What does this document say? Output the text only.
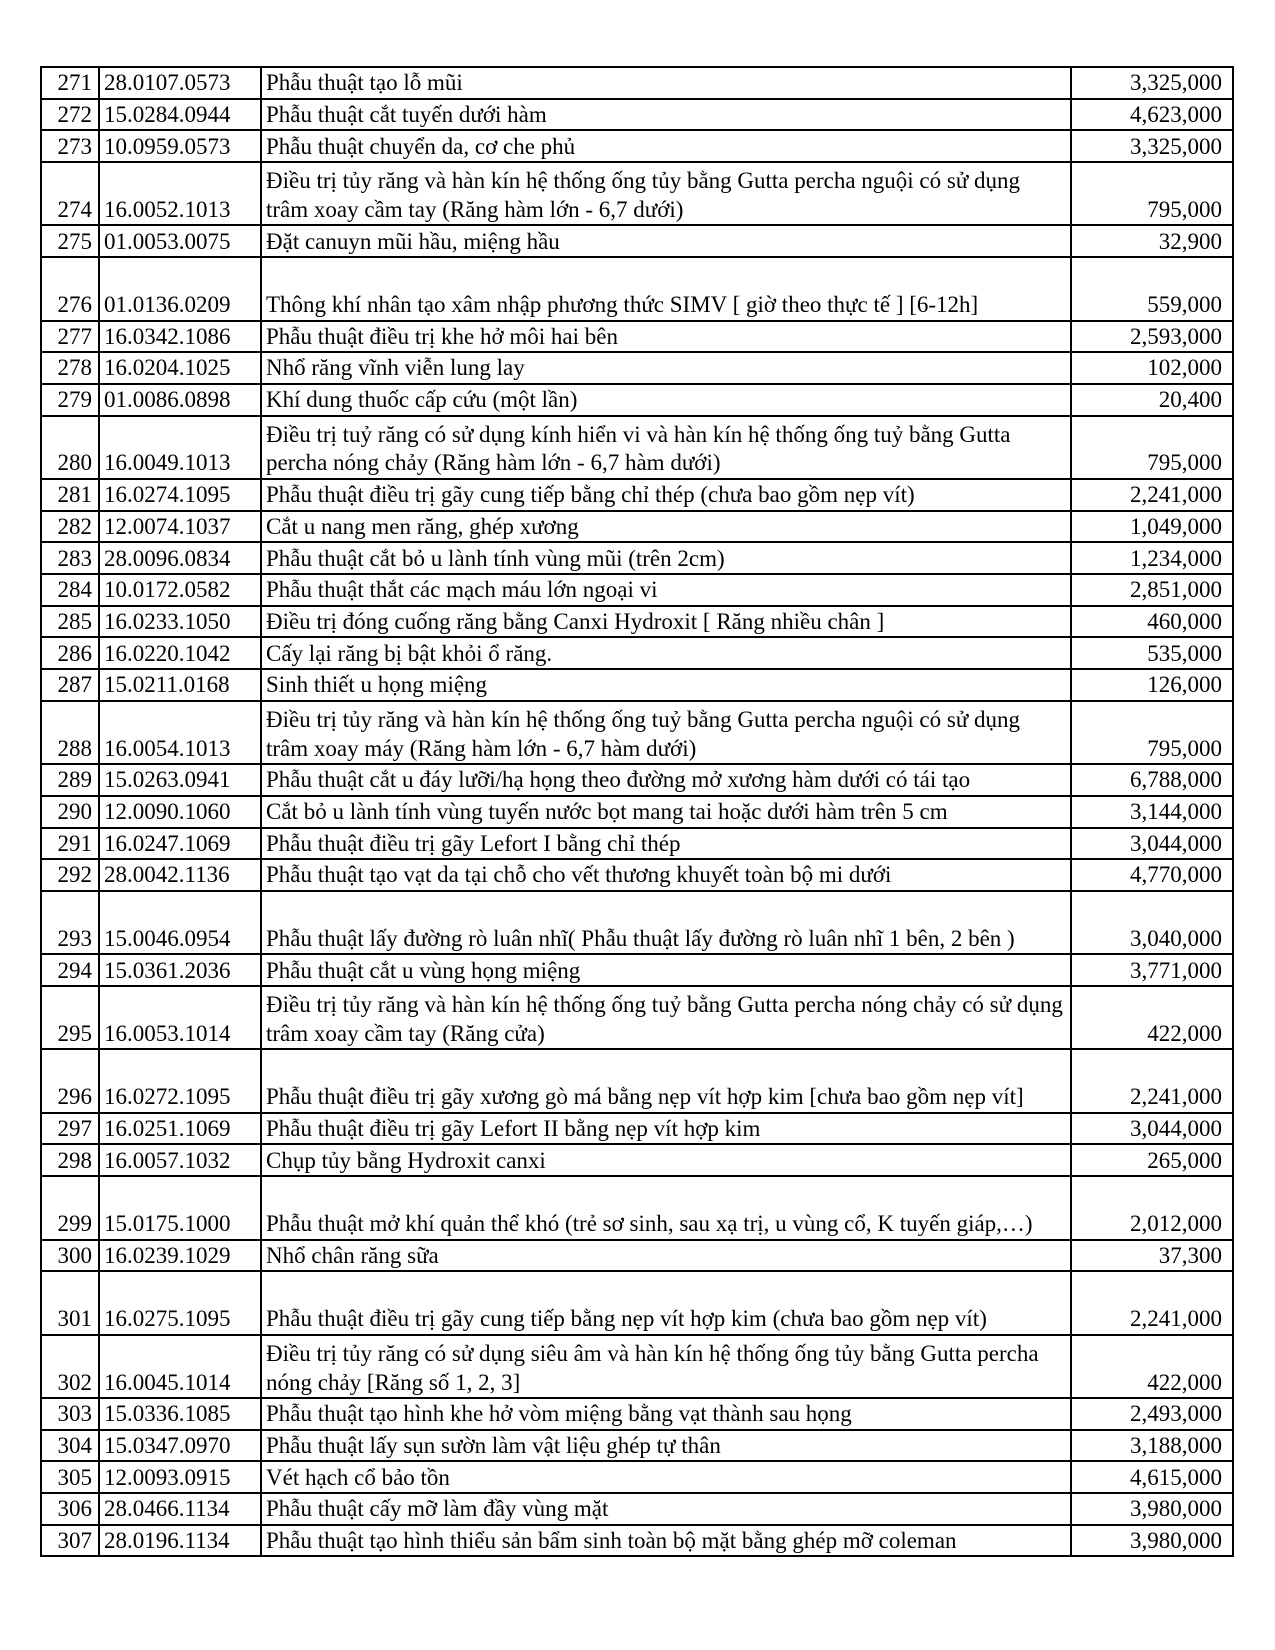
271	28.0107.0573	Phẫu thuật tạo lỗ mũi	3,325,000
272	15.0284.0944	Phẫu thuật cắt tuyến dưới hàm	4,623,000
273	10.0959.0573	Phẫu thuật chuyển da, cơ che phủ	3,325,000
274	16.0052.1013	Điều trị tủy răng và hàn kín hệ thống ống tủy bằng Gutta percha nguội có sử dụng trâm xoay cầm tay (Răng hàm lớn - 6,7 dưới)	795,000
275	01.0053.0075	Đặt canuyn mũi hầu, miệng hầu	32,900
276	01.0136.0209	Thông khí nhân tạo xâm nhập phương thức SIMV [ giờ theo thực tế ] [6-12h]	559,000
277	16.0342.1086	Phẫu thuật điều trị khe hở môi hai bên	2,593,000
278	16.0204.1025	Nhổ răng vĩnh viễn lung lay	102,000
279	01.0086.0898	Khí dung thuốc cấp cứu (một lần)	20,400
280	16.0049.1013	Điều trị tuỷ răng có sử dụng kính hiển vi và hàn kín hệ thống ống tuỷ bằng Gutta percha nóng chảy (Răng hàm lớn - 6,7 hàm dưới)	795,000
281	16.0274.1095	Phẫu thuật điều trị gãy cung tiếp bằng chỉ thép (chưa bao gồm nẹp vít)	2,241,000
282	12.0074.1037	Cắt u nang men răng, ghép xương	1,049,000
283	28.0096.0834	Phẫu thuật cắt bỏ u lành tính vùng mũi (trên 2cm)	1,234,000
284	10.0172.0582	Phẫu thuật thắt các mạch máu lớn ngoại vi	2,851,000
285	16.0233.1050	Điều trị đóng cuống răng bằng Canxi Hydroxit [ Răng nhiều chân ]	460,000
286	16.0220.1042	Cấy lại răng bị bật khỏi ổ răng.	535,000
287	15.0211.0168	Sinh thiết u họng miệng	126,000
288	16.0054.1013	Điều trị tủy răng và hàn kín hệ thống ống tuỷ bằng Gutta percha nguội có sử dụng trâm xoay máy (Răng hàm lớn - 6,7 hàm dưới)	795,000
289	15.0263.0941	Phẫu thuật cắt u đáy lưỡi/hạ họng theo đường mở xương hàm dưới có tái tạo	6,788,000
290	12.0090.1060	Cắt bỏ u lành tính vùng tuyến nước bọt mang tai hoặc dưới hàm trên 5 cm	3,144,000
291	16.0247.1069	Phẫu thuật điều trị gãy Lefort I bằng chỉ thép	3,044,000
292	28.0042.1136	Phẫu thuật tạo vạt da tại chỗ cho vết thương khuyết toàn bộ mi dưới	4,770,000
293	15.0046.0954	Phẫu thuật lấy đường rò luân nhĩ( Phẫu thuật lấy đường rò luân nhĩ 1 bên, 2 bên )	3,040,000
294	15.0361.2036	Phẫu thuật cắt u vùng họng miệng	3,771,000
295	16.0053.1014	Điều trị tủy răng và hàn kín hệ thống ống tuỷ bằng Gutta percha nóng chảy có sử dụng trâm xoay cầm tay (Răng cửa)	422,000
296	16.0272.1095	Phẫu thuật điều trị gãy xương gò má bằng nẹp vít hợp kim [chưa bao gồm nẹp vít]	2,241,000
297	16.0251.1069	Phẫu thuật điều trị gãy Lefort II bằng nẹp vít hợp kim	3,044,000
298	16.0057.1032	Chụp tủy bằng Hydroxit canxi	265,000
299	15.0175.1000	Phẫu thuật mở khí quản thể khó (trẻ sơ sinh, sau xạ trị, u vùng cổ, K tuyến giáp,…)	2,012,000
300	16.0239.1029	Nhổ chân răng sữa	37,300
301	16.0275.1095	Phẫu thuật điều trị gãy cung tiếp bằng nẹp vít hợp kim (chưa bao gồm nẹp vít)	2,241,000
302	16.0045.1014	Điều trị tủy răng có sử dụng siêu âm và hàn kín hệ thống ống tủy bằng Gutta percha nóng chảy [Răng số 1, 2, 3]	422,000
303	15.0336.1085	Phẫu thuật tạo hình khe hở vòm miệng bằng vạt thành sau họng	2,493,000
304	15.0347.0970	Phẫu thuật lấy sụn sườn làm vật liệu ghép tự thân	3,188,000
305	12.0093.0915	Vét hạch cổ bảo tồn	4,615,000
306	28.0466.1134	Phẫu thuật cấy mỡ làm đầy vùng mặt	3,980,000
307	28.0196.1134	Phẫu thuật tạo hình thiểu sản bẩm sinh toàn bộ mặt bằng ghép mỡ coleman	3,980,000
